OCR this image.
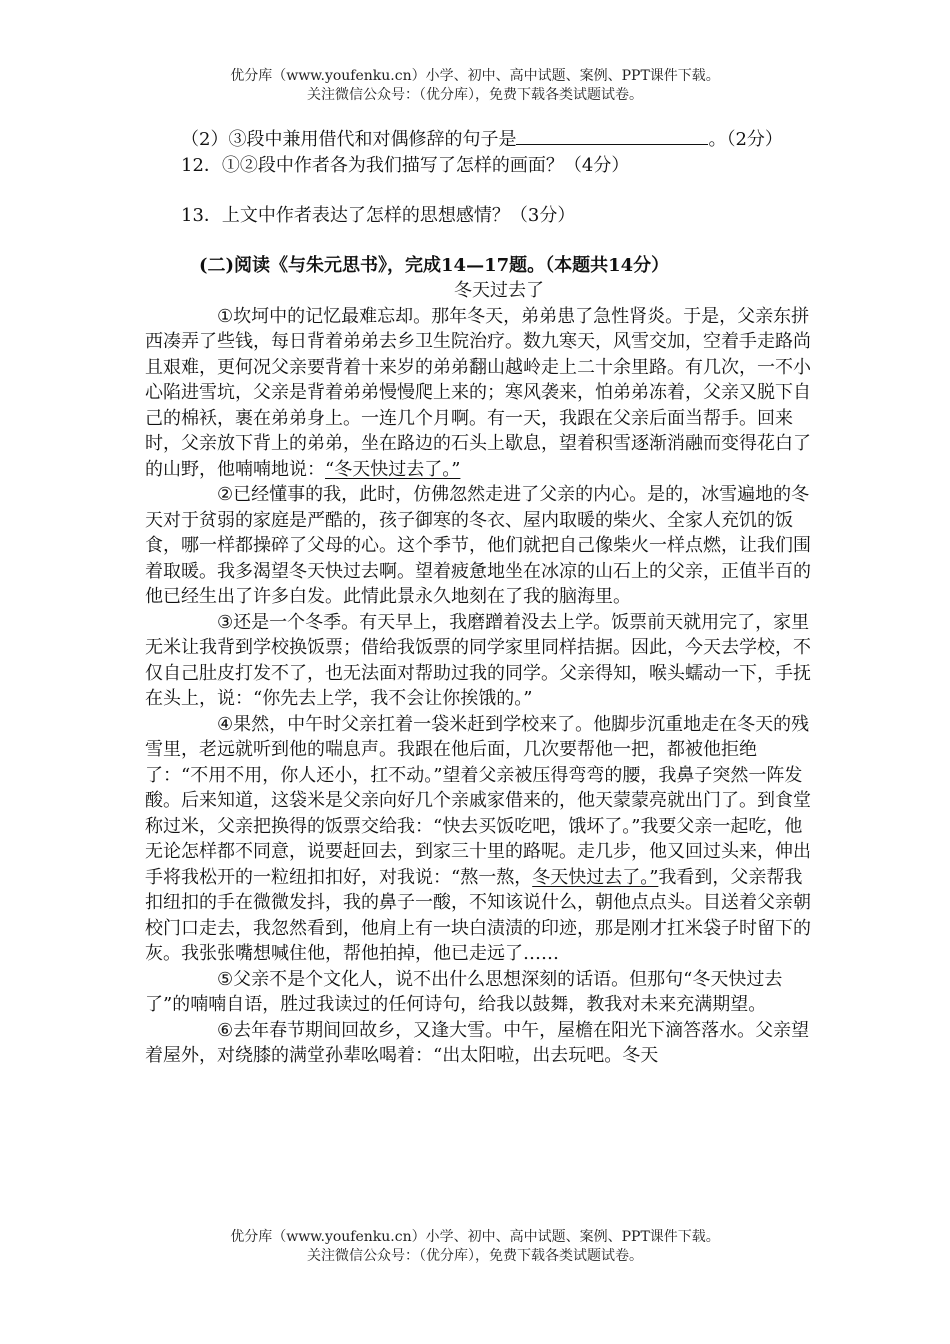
优分库（www.youfenku.cn）小学、初中、高中试题、案例、PPT课件下载。
关注微信公众号：（优分库），免费下载各类试题试卷。

（2）③段中兼用借代和对偶修辞的句子是	。（2分）

12．①②段中作者各为我们描写了怎样的画面？（4分）

13．上文中作者表达了怎样的思想感情？（3分）

(二)阅读《与朱元思书》，完成14—17题。（本题共14分）

冬天过去了

①坎坷中的记忆最难忘却。那年冬天，弟弟患了急性肾炎。于是，父亲东拼西凑弄了些钱，每日背着弟弟去乡卫生院治疗。数九寒天，风雪交加，空着手走路尚且艰难，更何况父亲要背着十来岁的弟弟翻山越岭走上二十余里路。有几次，一不小心陷进雪坑，父亲是背着弟弟慢慢爬上来的；寒风袭来，怕弟弟冻着，父亲又脱下自己的棉袄，裹在弟弟身上。一连几个月啊。有一天，我跟在父亲后面当帮手。回来时，父亲放下背上的弟弟，坐在路边的石头上歇息，望着积雪逐渐消融而变得花白了的山野，他喃喃地说：“冬天快过去了。”

②已经懂事的我，此时，仿佛忽然走进了父亲的内心。是的，冰雪遍地的冬天对于贫弱的家庭是严酷的，孩子御寒的冬衣、屋内取暖的柴火、全家人充饥的饭食，哪一样都操碎了父母的心。这个季节，他们就把自己像柴火一样点燃，让我们围着取暖。我多渴望冬天快过去啊。望着疲惫地坐在冰凉的山石上的父亲，正值半百的他已经生出了许多白发。此情此景永久地刻在了我的脑海里。

③还是一个冬季。有天早上，我磨蹭着没去上学。饭票前天就用完了，家里无米让我背到学校换饭票；借给我饭票的同学家里同样拮据。因此，今天去学校，不仅自己肚皮打发不了，也无法面对帮助过我的同学。父亲得知，喉头蠕动一下，手抚在头上，说：“你先去上学，我不会让你挨饿的。”

④果然，中午时父亲扛着一袋米赶到学校来了。他脚步沉重地走在冬天的残雪里，老远就听到他的喘息声。我跟在他后面，几次要帮他一把，都被他拒绝了：“不用不用，你人还小，扛不动。”望着父亲被压得弯弯的腰，我鼻子突然一阵发酸。后来知道，这袋米是父亲向好几个亲戚家借来的，他天蒙蒙亮就出门了。到食堂称过米，父亲把换得的饭票交给我：“快去买饭吃吧，饿坏了。”我要父亲一起吃，他无论怎样都不同意，说要赶回去，到家三十里的路呢。走几步，他又回过头来，伸出手将我松开的一粒纽扣扣好，对我说：“熬一熬，冬天快过去了。”我看到，父亲帮我扣纽扣的手在微微发抖，我的鼻子一酸，不知该说什么，朝他点点头。目送着父亲朝校门口走去，我忽然看到，他肩上有一块白渍渍的印迹，那是刚才扛米袋子时留下的灰。我张张嘴想喊住他，帮他拍掉，他已走远了……

⑤父亲不是个文化人，说不出什么思想深刻的话语。但那句“冬天快过去了”的喃喃自语，胜过我读过的任何诗句，给我以鼓舞，教我对未来充满期望。

⑥去年春节期间回故乡，又逢大雪。中午，屋檐在阳光下滴答落水。父亲望着屋外，对绕膝的满堂孙辈吆喝着：“出太阳啦，出去玩吧。冬天

优分库（www.youfenku.cn）小学、初中、高中试题、案例、PPT课件下载。
关注微信公众号：（优分库），免费下载各类试题试卷。
